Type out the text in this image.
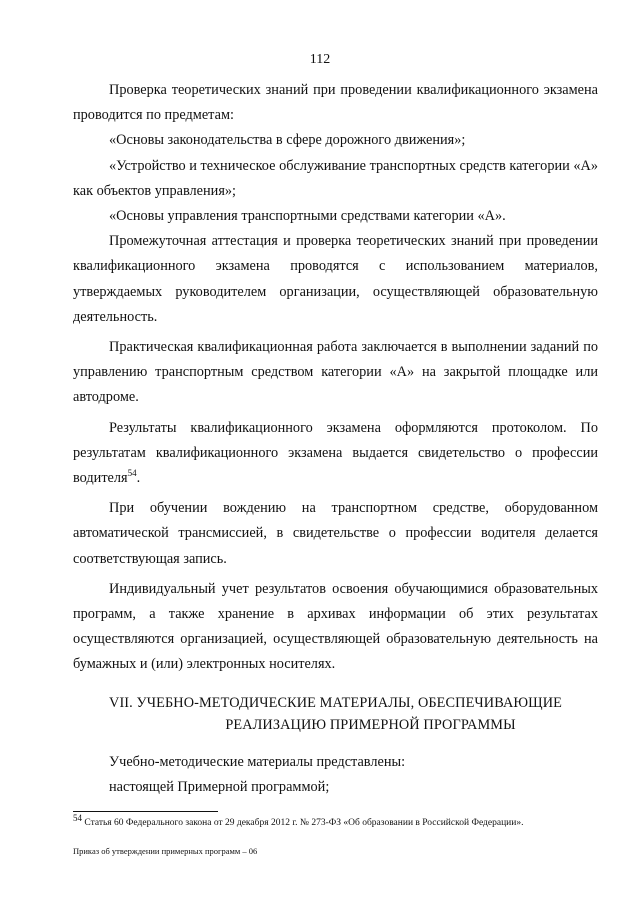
112

Проверка теоретических знаний при проведении квалификационного экзамена проводится по предметам:

«Основы законодательства в сфере дорожного движения»;

«Устройство и техническое обслуживание транспортных средств категории «А» как объектов управления»;

«Основы управления транспортными средствами категории «А».

Промежуточная аттестация и проверка теоретических знаний при проведении квалификационного экзамена проводятся с использованием материалов, утверждаемых руководителем организации, осуществляющей образовательную деятельность.

Практическая квалификационная работа заключается в выполнении заданий по управлению транспортным средством категории «А» на закрытой площадке или автодроме.

Результаты квалификационного экзамена оформляются протоколом. По результатам квалификационного экзамена выдается свидетельство о профессии водителя$^{54}$.

При обучении вождению на транспортном средстве, оборудованном автоматической трансмиссией, в свидетельстве о профессии водителя делается соответствующая запись.

Индивидуальный учет результатов освоения обучающимися образовательных программ, а также хранение в архивах информации об этих результатах осуществляются организацией, осуществляющей образовательную деятельность на бумажных и (или) электронных носителях.

VII. УЧЕБНО-МЕТОДИЧЕСКИЕ МАТЕРИАЛЫ, ОБЕСПЕЧИВАЮЩИЕ
РЕАЛИЗАЦИЮ ПРИМЕРНОЙ ПРОГРАММЫ

Учебно-методические материалы представлены:

настоящей Примерной программой;

$^{54}$ Статья 60 Федерального закона от 29 декабря 2012 г. № 273-ФЗ «Об образовании в Российской Федерации».
Приказ об утверждении примерных программ – 06
